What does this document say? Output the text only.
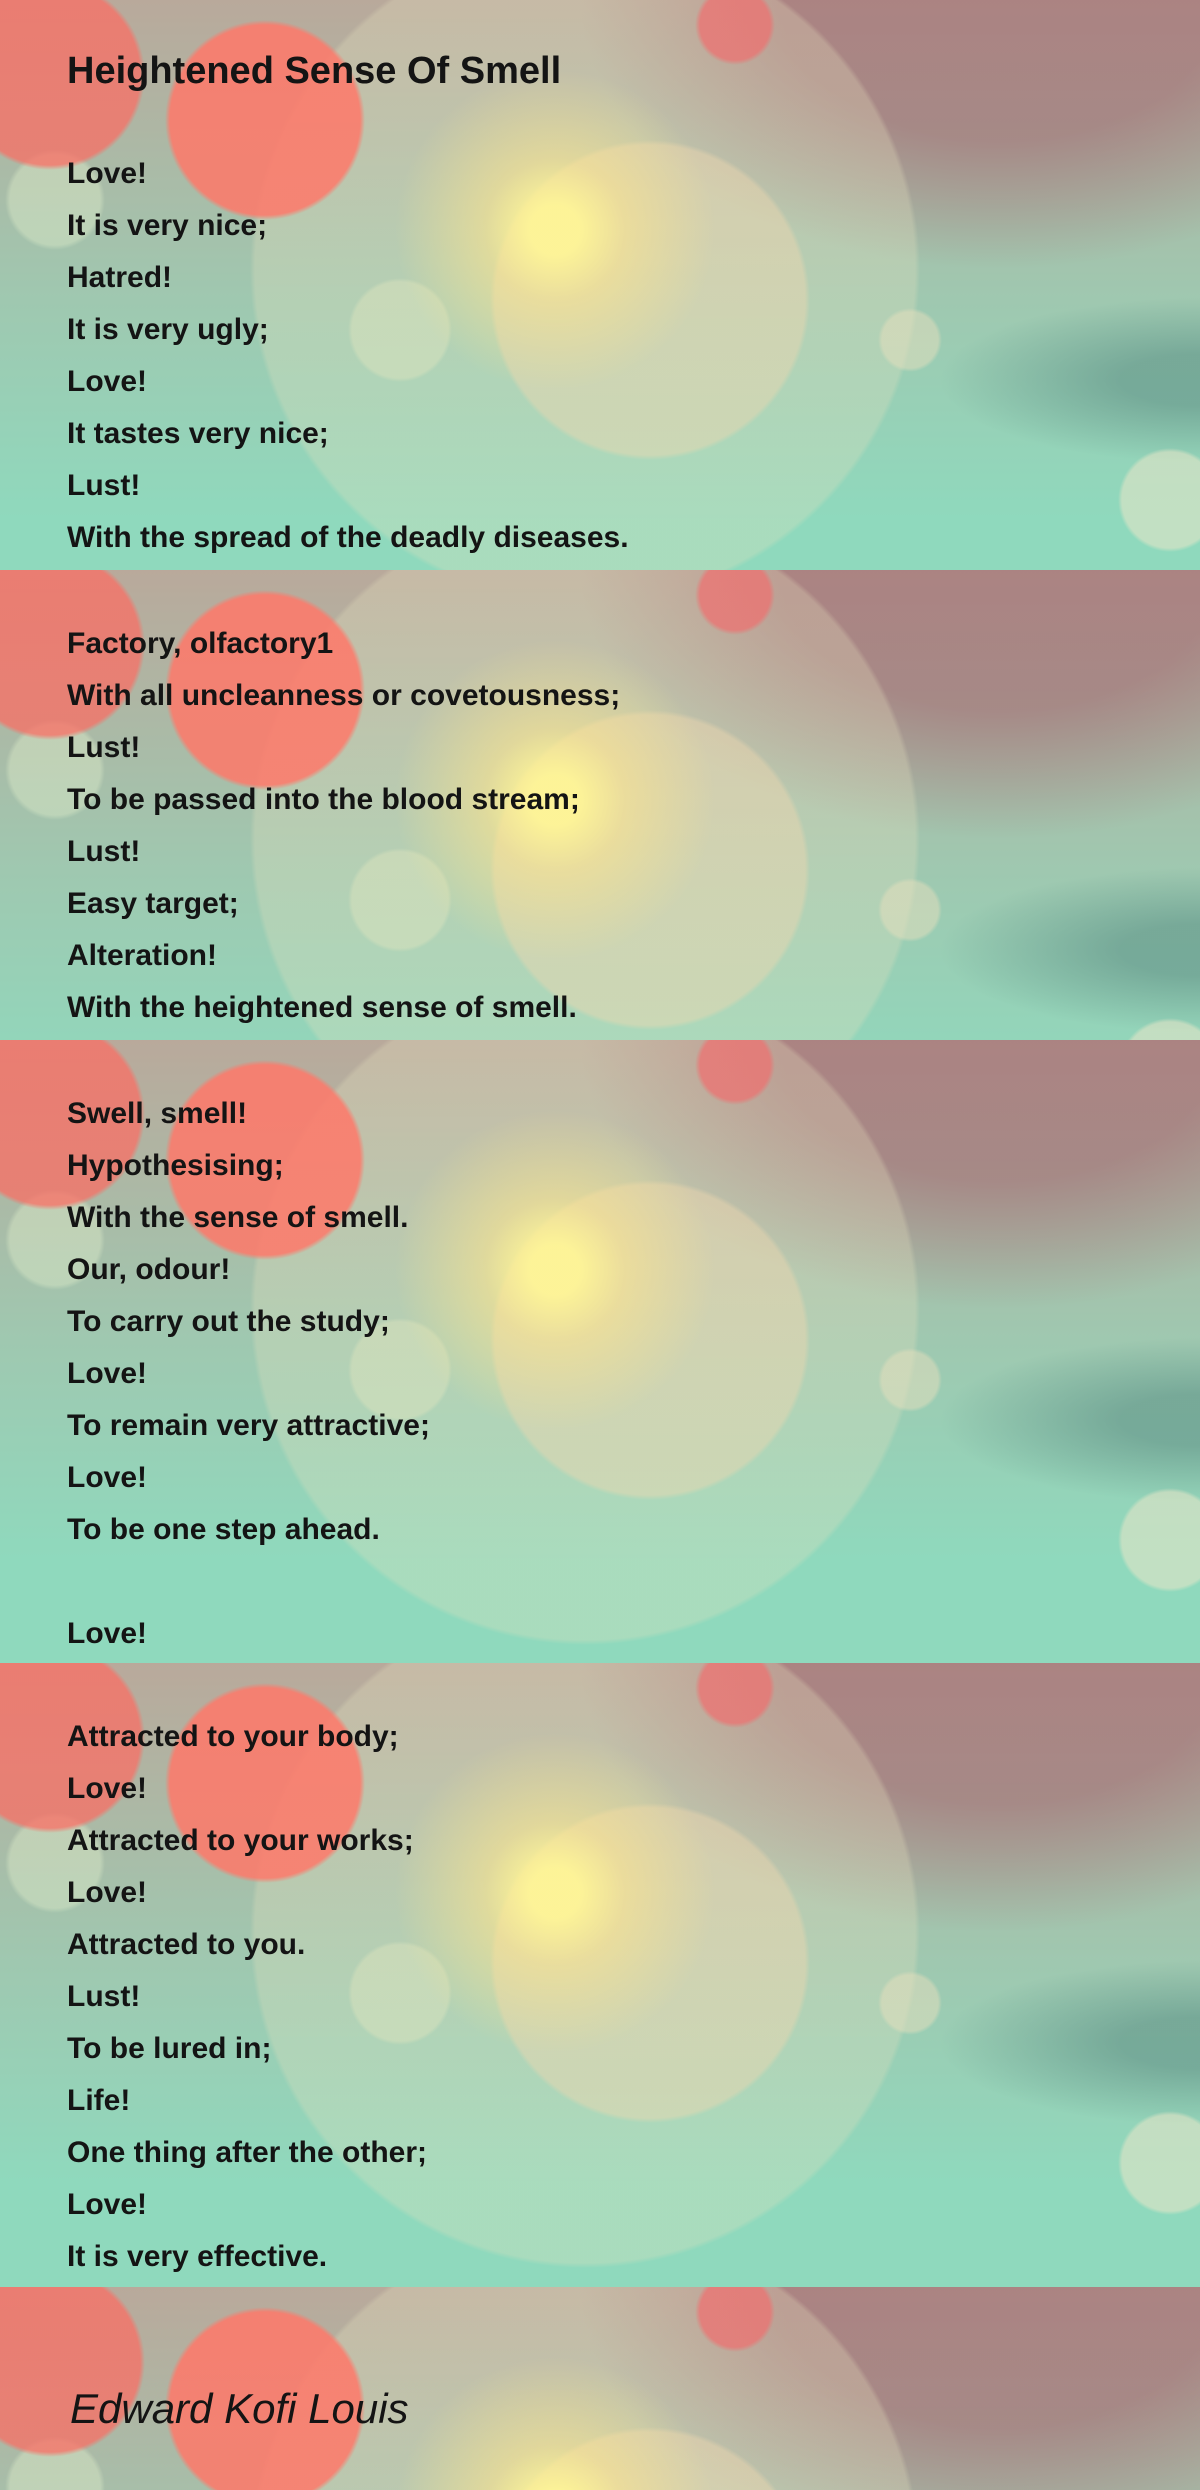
Heightened Sense Of Smell
Love!
It is very nice;
Hatred!
It is very ugly;
Love!
It tastes very nice;
Lust!
With the spread of the deadly diseases.
Factory, olfactory1
With all uncleanness or covetousness;
Lust!
To be passed into the blood stream;
Lust!
Easy target;
Alteration!
With the heightened sense of smell.
Swell, smell!
Hypothesising;
With the sense of smell.
Our, odour!
To carry out the study;
Love!
To remain very attractive;
Love!
To be one step ahead.
Love!
Attracted to your body;
Love!
Attracted to your works;
Love!
Attracted to you.
Lust!
To be lured in;
Life!
One thing after the other;
Love!
It is very effective.
Edward Kofi Louis
